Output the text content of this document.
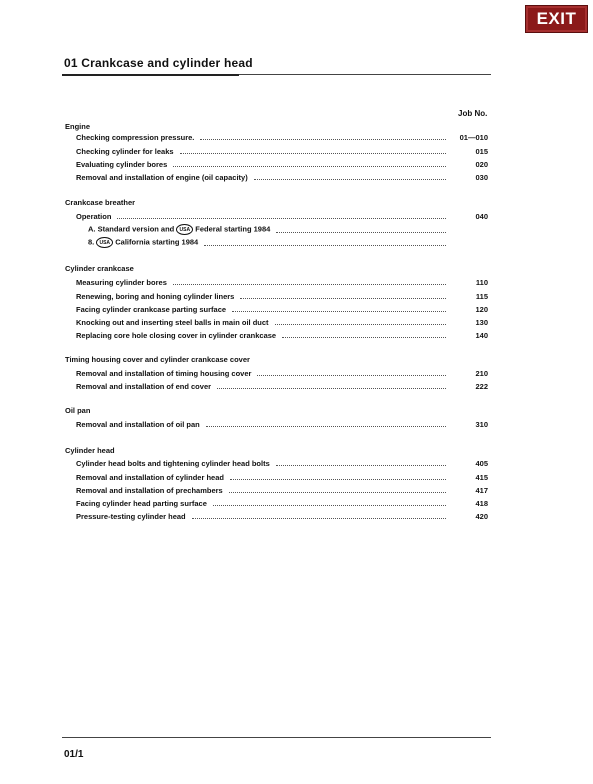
EXIT
01 Crankcase and cylinder head
Job No.
Engine
Checking compression pressure.	01—010
Checking cylinder for leaks	015
Evaluating cylinder bores	020
Removal and installation of engine (oil capacity)	030
Crankcase breather
Operation	040
A. Standard version and USA Federal starting 1984
8. USA California starting 1984
Cylinder crankcase
Measuring cylinder bores	110
Renewing, boring and honing cylinder liners	115
Facing cylinder crankcase parting surface	120
Knocking out and inserting steel balls in main oil duct	130
Replacing core hole closing cover in cylinder crankcase	140
Timing housing cover and cylinder crankcase cover
Removal and installation of timing housing cover	210
Removal and installation of end cover	222
Oil pan
Removal and installation of oil pan	310
Cylinder head
Cylinder head bolts and tightening cylinder head bolts	405
Removal and installation of cylinder head	415
Removal and installation of prechambers	417
Facing cylinder head parting surface	418
Pressure-testing cylinder head	420
01/1
